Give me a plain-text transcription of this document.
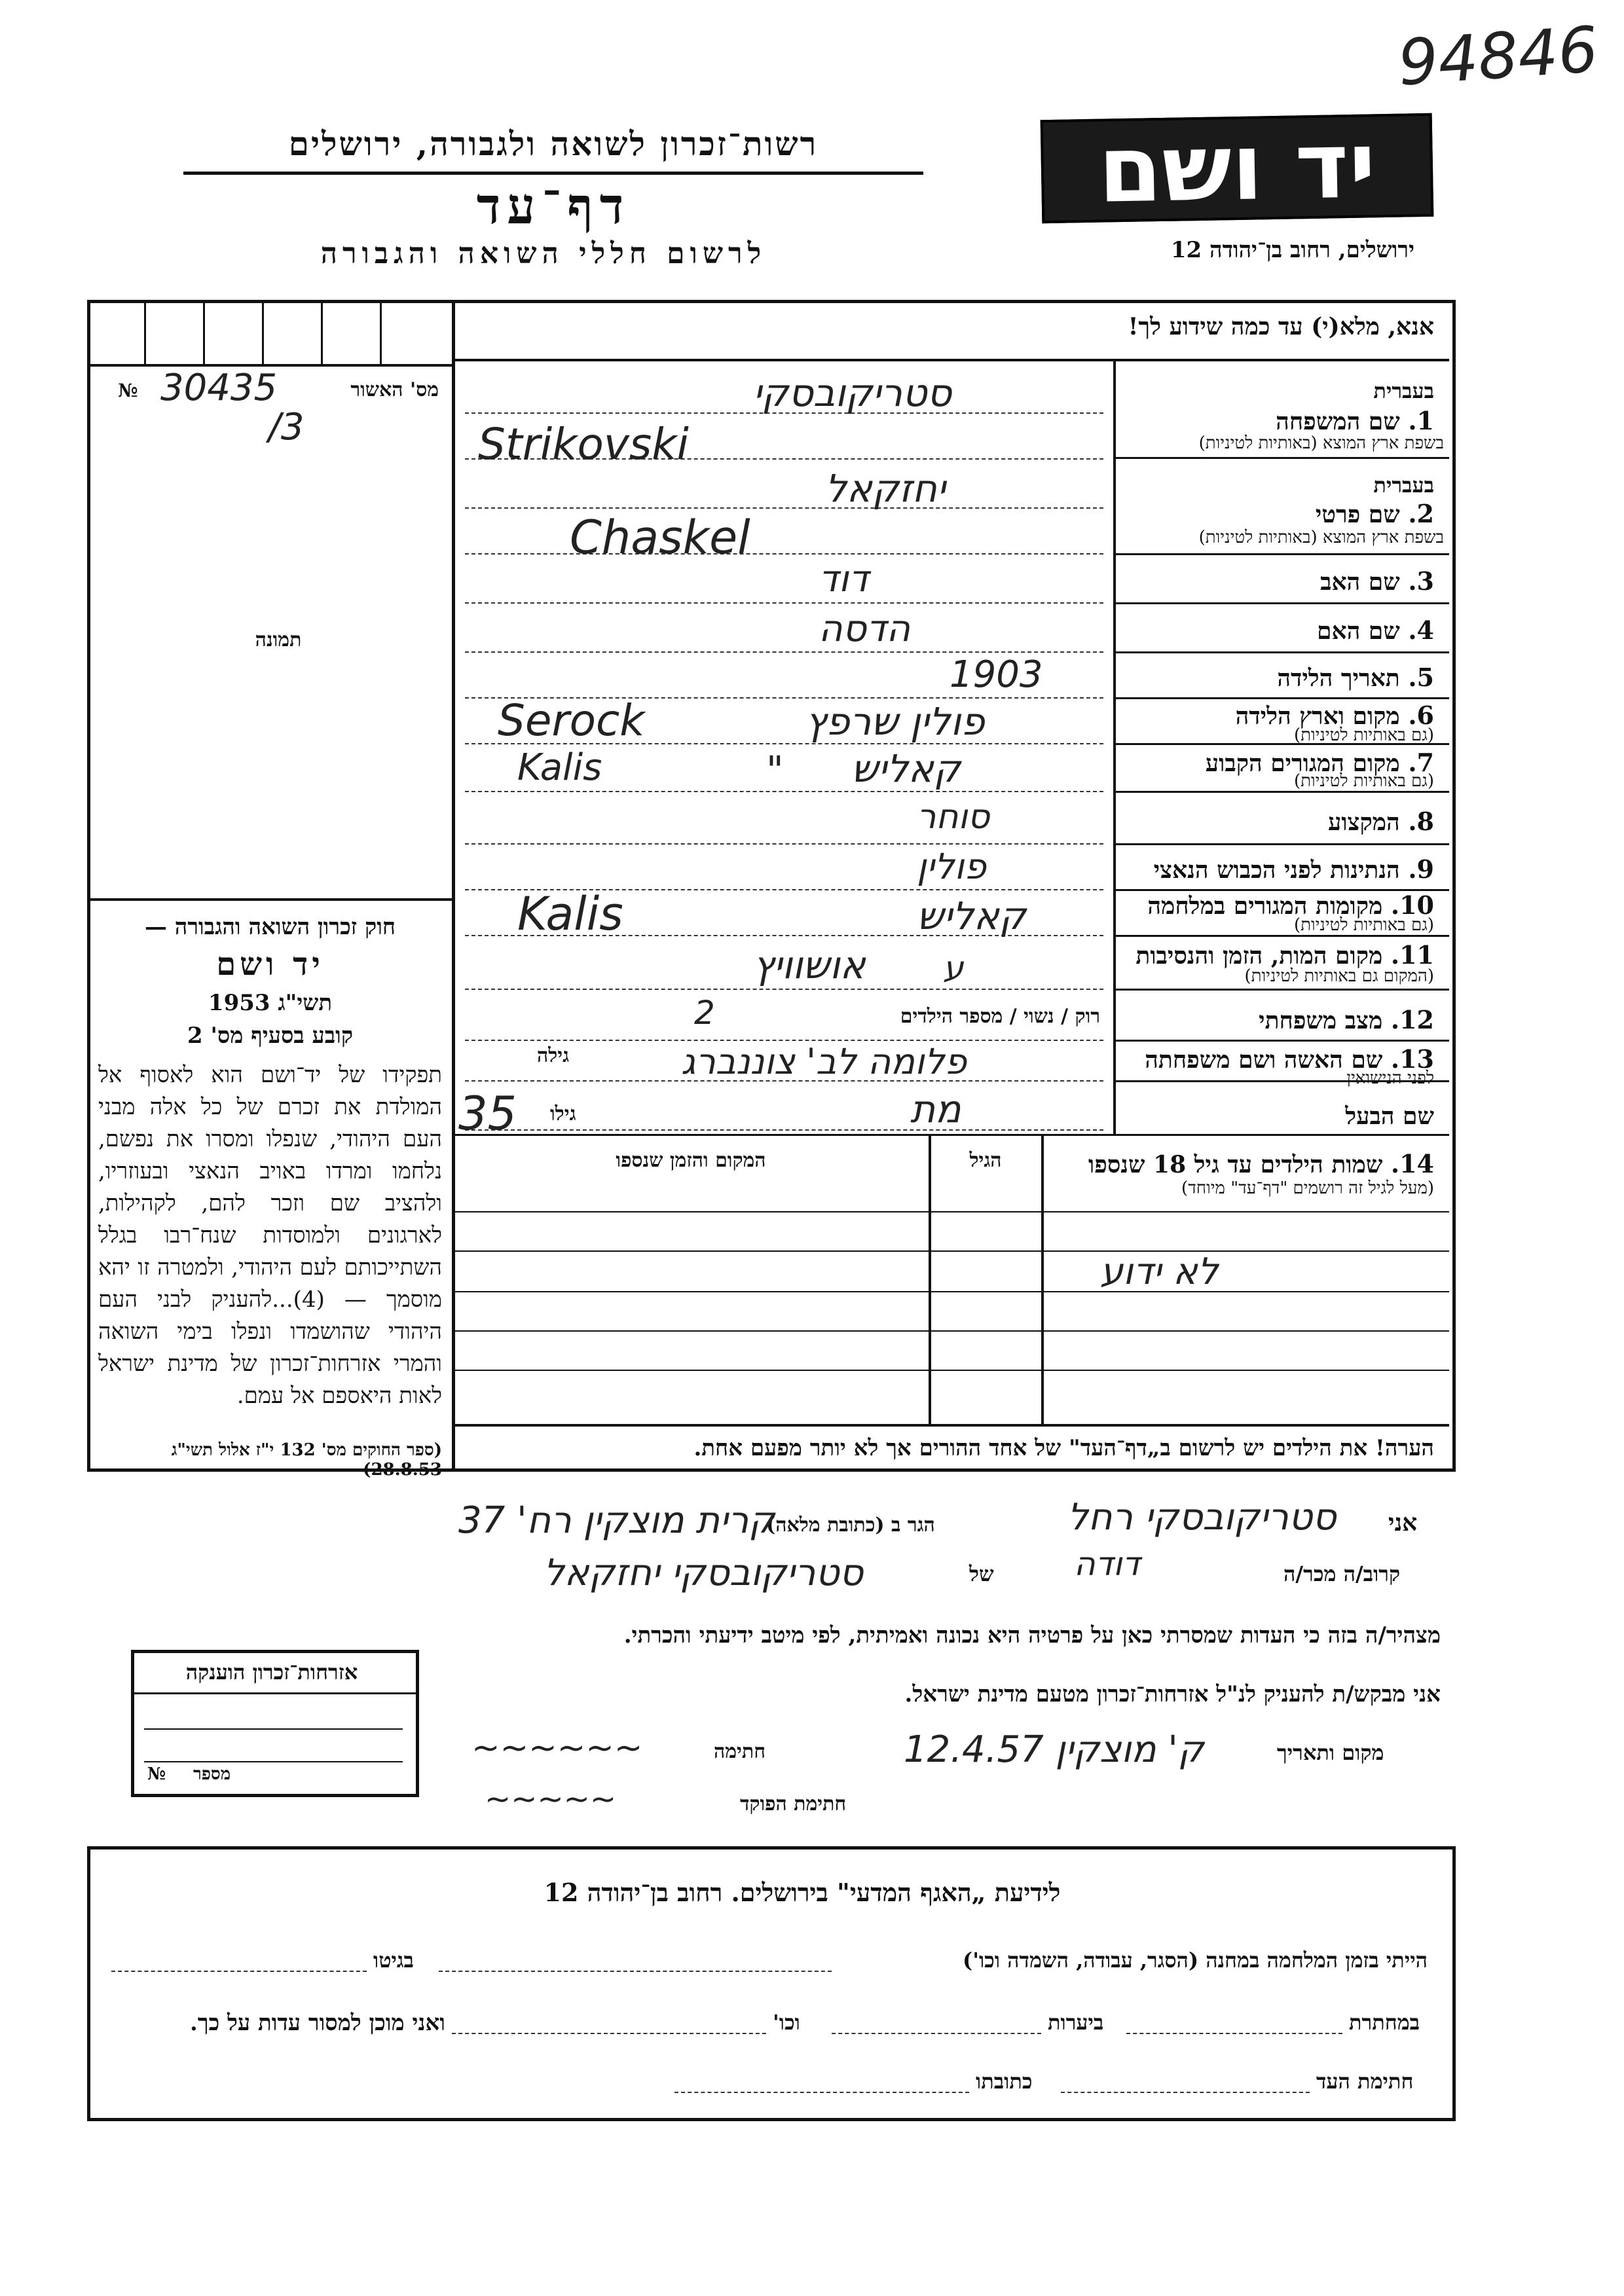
94846
רשות־זכרון לשואה ולגבורה, ירושלים
דף־עד
לרשום חללי השואה והגבורה
יד ושם
ירושלים, רחוב בן־יהודה 12
אנא, מלא(י) עד כמה שידוע לך!
מס' האשור
№ 30435
/3
תמונה
חוק זכרון השואה והגבורה —
יד ושם
תשי"ג 1953
קובע בסעיף מס' 2
תפקידו של יד־ושם הוא לאסוף אל המולדת את זכרם של כל אלה מבני העם היהודי, שנפלו ומסרו את נפשם, נלחמו ומרדו באויב הנאצי ובעוזריו, ולהציב שם וזכר להם, לקהילות, לארגונים ולמוסדות שנח־רבו בגלל השתייכותם לעם היהודי, ולמטרה זו יהא מוסמך — (4)...להעניק לבני העם היהודי שהושמדו ונפלו בימי השואה והמרי אזרחות־זכרון של מדינת ישראל לאות היאספם אל עמם.
(ספר החוקים מס' 132 י"ז אלול תשי"ג 28.8.53)
1. שם המשפחה
בעברית
בשפת ארץ המוצא (באותיות לטיניות)
סטריקובסקי
Strikovski
בעברית
2. שם פרטי
בשפת ארץ המוצא (באותיות לטיניות)
יחזקאל
Chaskel
3. שם האב
דוד
4. שם האם
הדסה
5. תאריך הלידה
1903
6. מקום וארץ הלידה
(גם באותיות לטיניות)
פולין שרפץ
Serock
7. מקום המגורים הקבוע
(גם באותיות לטיניות)
קאליש
"
Kalis
8. המקצוע
סוחר
9. הנתינות לפני הכבוש הנאצי
פולין
10. מקומות המגורים במלחמה
(גם באותיות לטיניות)
קאליש
Kalis
11. מקום המות, הזמן והנסיבות
(המקום גם באותיות לטיניות)
אושוויץ ע
12. מצב משפחתי
רוק / נשוי / מספר הילדים
2
13. שם האשה ושם משפחתה
לפני הנישואין
גילה	פלומה לב' צוננברג
שם הבעל
גילו
35	מת
14. שמות הילדים עד גיל 18 שנספו
(מעל לגיל זה רושמים "דף־עד" מיוחד)
הגיל
המקום והזמן שנספו
לא ידוע
הערה! את הילדים יש לרשום ב„דף־העד" של אחד ההורים אך לא יותר מפעם אחת.
אני
סטריקובסקי רחל
הגר ב (כתובת מלאה)
קרית מוצקין רח' 37
קרוב/ה מכר/ה
דודה
של
סטריקובסקי יחזקאל
מצהיר/ה בזה כי העדות שמסרתי כאן על פרטיה היא נכונה ואמיתית, לפי מיטב ידיעתי והכרתי.
אני מבקש/ת להעניק לנ"ל אזרחות־זכרון מטעם מדינת ישראל.
מקום ותאריך
ק' מוצקין 12.4.57
חתימה
~~~~~~
חתימת הפוקד
~~~~~
אזרחות־זכרון הוענקה
מספר
№
לידיעת „האגף המדעי" בירושלים. רחוב בן־יהודה 12
הייתי בזמן המלחמה במחנה (הסגר, עבודה, השמדה וכו')
בגיטו
במחתרת
ביערות
וכו'
ואני מוכן למסור עדות על כך.
חתימת העד
כתובתו
